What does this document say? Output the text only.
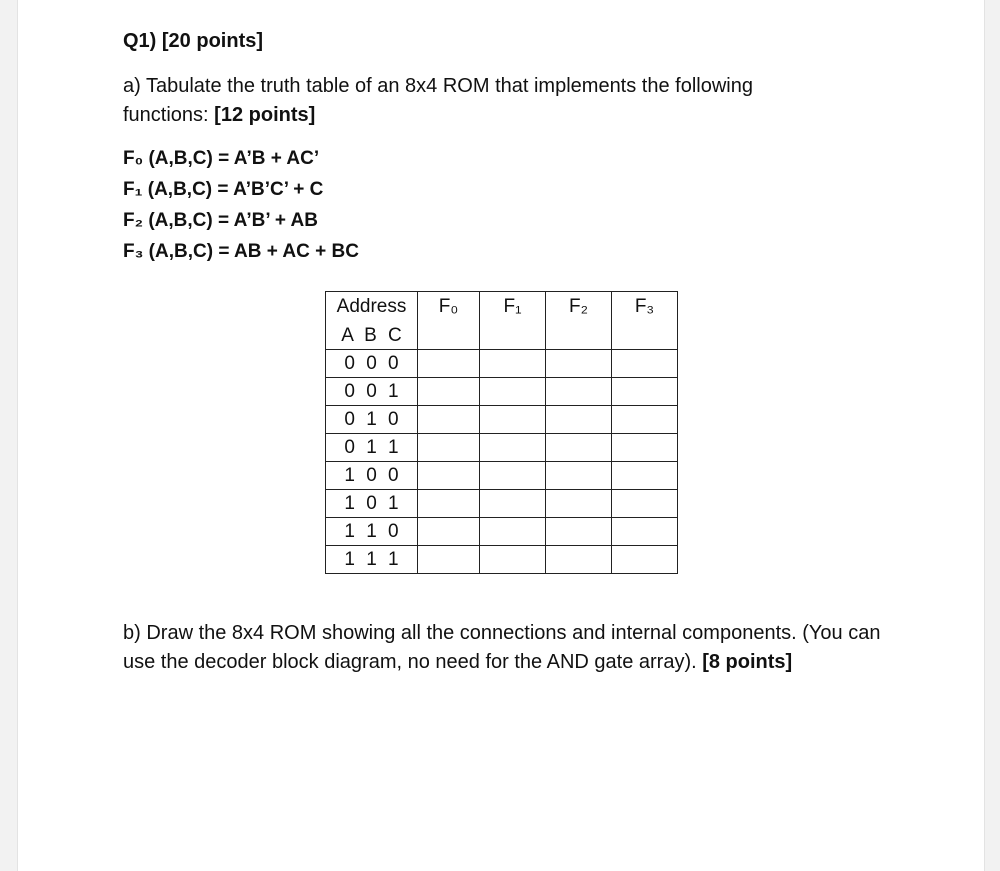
Q1) [20 points]
a) Tabulate the truth table of an 8x4 ROM that implements the following functions: [12 points]
F₀ (A,B,C) = A’B + AC’
F₁ (A,B,C) = A’B’C’ + C
F₂ (A,B,C) = A’B’ + AB
F₃ (A,B,C) = AB + AC + BC
Address	F₀	F₁	F₂	F₃
A B C				
0 0 0				
0 0 1				
0 1 0				
0 1 1				
1 0 0				
1 0 1				
1 1 0				
1 1 1				
b) Draw the 8x4 ROM showing all the connections and internal components. (You can use the decoder block diagram, no need for the AND gate array). [8 points]
